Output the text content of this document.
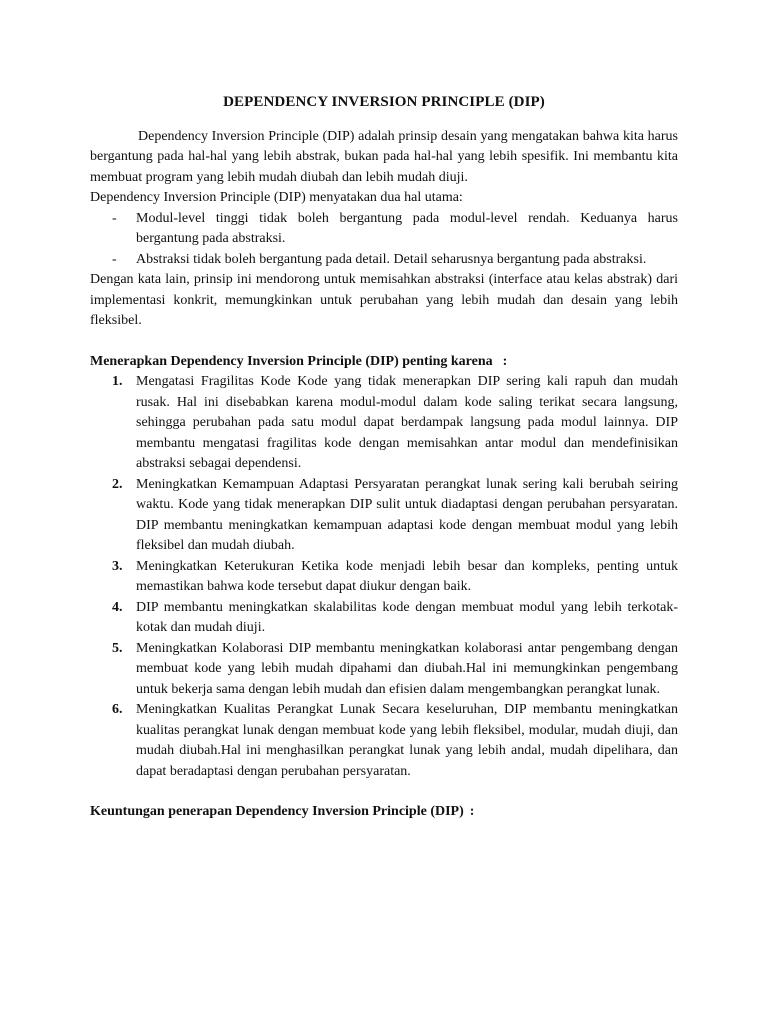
DEPENDENCY INVERSION PRINCIPLE (DIP)

Dependency Inversion Principle (DIP) adalah prinsip desain yang mengatakan bahwa kita harus bergantung pada hal-hal yang lebih abstrak, bukan pada hal-hal yang lebih spesifik. Ini membantu kita membuat program yang lebih mudah diubah dan lebih mudah diuji.

Dependency Inversion Principle (DIP) menyatakan dua hal utama:

- Modul-level tinggi tidak boleh bergantung pada modul-level rendah. Keduanya harus bergantung pada abstraksi.
- Abstraksi tidak boleh bergantung pada detail. Detail seharusnya bergantung pada abstraksi.

Dengan kata lain, prinsip ini mendorong untuk memisahkan abstraksi (interface atau kelas abstrak) dari implementasi konkrit, memungkinkan untuk perubahan yang lebih mudah dan desain yang lebih fleksibel.

Menerapkan Dependency Inversion Principle (DIP) penting karena :

1. Mengatasi Fragilitas Kode Kode yang tidak menerapkan DIP sering kali rapuh dan mudah rusak. Hal ini disebabkan karena modul-modul dalam kode saling terikat secara langsung, sehingga perubahan pada satu modul dapat berdampak langsung pada modul lainnya. DIP membantu mengatasi fragilitas kode dengan memisahkan antar modul dan mendefinisikan abstraksi sebagai dependensi.
2. Meningkatkan Kemampuan Adaptasi Persyaratan perangkat lunak sering kali berubah seiring waktu. Kode yang tidak menerapkan DIP sulit untuk diadaptasi dengan perubahan persyaratan. DIP membantu meningkatkan kemampuan adaptasi kode dengan membuat modul yang lebih fleksibel dan mudah diubah.
3. Meningkatkan Keterukuran Ketika kode menjadi lebih besar dan kompleks, penting untuk memastikan bahwa kode tersebut dapat diukur dengan baik.
4. DIP membantu meningkatkan skalabilitas kode dengan membuat modul yang lebih terkotak-kotak dan mudah diuji.
5. Meningkatkan Kolaborasi DIP membantu meningkatkan kolaborasi antar pengembang dengan membuat kode yang lebih mudah dipahami dan diubah.Hal ini memungkinkan pengembang untuk bekerja sama dengan lebih mudah dan efisien dalam mengembangkan perangkat lunak.
6. Meningkatkan Kualitas Perangkat Lunak Secara keseluruhan, DIP membantu meningkatkan kualitas perangkat lunak dengan membuat kode yang lebih fleksibel, modular, mudah diuji, dan mudah diubah.Hal ini menghasilkan perangkat lunak yang lebih andal, mudah dipelihara, dan dapat beradaptasi dengan perubahan persyaratan.

Keuntungan penerapan Dependency Inversion Principle (DIP) :
